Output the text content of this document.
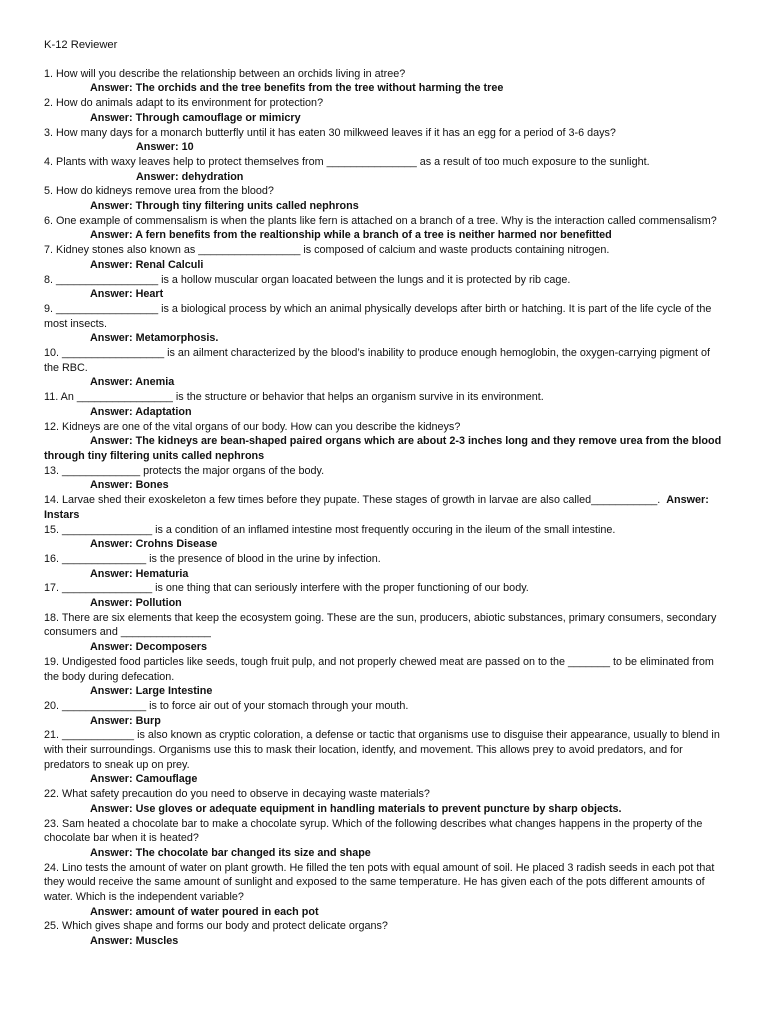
K-12 Reviewer
1. How will you describe the relationship between an orchids living in atree?
Answer: The orchids and the tree benefits from the tree without harming the tree
2. How do animals adapt to its environment for protection?
Answer: Through camouflage or mimicry
3. How many days for a monarch butterfly until it has eaten 30 milkweed leaves if it has an egg for a period of 3-6 days?
Answer: 10
4. Plants with waxy leaves help to protect themselves from _______________ as a result of too much exposure to the sunlight.
Answer: dehydration
5. How do kidneys remove urea from the blood?
Answer: Through tiny filtering units called nephrons
6. One example of commensalism is when the plants like fern is attached on a branch of a tree. Why is the interaction called commensalism?
Answer: A fern benefits from the realtionship while a branch of a tree is neither harmed nor benefitted
7. Kidney stones also known as _________________ is composed of calcium and waste products containing nitrogen.
Answer: Renal Calculi
8. _________________ is a hollow muscular organ loacated between the lungs and it is protected by rib cage.
Answer: Heart
9. _________________ is a biological process by which an animal physically develops after birth or hatching. It is part of the life cycle of the most insects.
Answer: Metamorphosis.
10. _________________ is an ailment characterized by the blood’s inability to produce enough hemoglobin, the oxygen-carrying pigment of the RBC.
Answer: Anemia
11. An ________________ is the structure or behavior that helps an organism survive in its environment.
Answer: Adaptation
12. Kidneys are one of the vital organs of our body. How can you describe the kidneys?
Answer: The kidneys are bean-shaped paired organs which are about 2-3 inches long and they remove urea from the blood through tiny filtering units called nephrons
13. _____________ protects the major organs of the body.
Answer: Bones
14. Larvae shed their exoskeleton a few times before they pupate. These stages of growth in larvae are also called___________. Answer: Instars
15. _______________ is a condition of an inflamed intestine most frequently occuring in the ileum of the small intestine.
Answer: Crohns Disease
16. ______________ is the presence of blood in the urine by infection.
Answer: Hematuria
17. _______________ is one thing that can seriously interfere with the proper functioning of our body.
Answer: Pollution
18. There are six elements that keep the ecosystem going. These are the sun, producers, abiotic substances, primary consumers, secondary consumers and _______________
Answer: Decomposers
19. Undigested food particles like seeds, tough fruit pulp, and not properly chewed meat are passed on to the _______ to be eliminated from the body during defecation.
Answer: Large Intestine
20. ______________ is to force air out of your stomach through your mouth.
Answer: Burp
21. ____________ is also known as cryptic coloration, a defense or tactic that organisms use to disguise their appearance, usually to blend in with their surroundings. Organisms use this to mask their location, identfy, and movement. This allows prey to avoid predators, and for predators to sneak up on prey.
Answer: Camouflage
22. What safety precaution do you need to observe in decaying waste materials?
Answer: Use gloves or adequate equipment in handling materials to prevent puncture by sharp objects.
23. Sam heated a chocolate bar to make a chocolate syrup. Which of the following describes what changes happens in the property of the chocolate bar when it is heated?
Answer: The chocolate bar changed its size and shape
24. Lino tests the amount of water on plant growth. He filled the ten pots with equal amount of soil. He placed 3 radish seeds in each pot that they would receive the same amount of sunlight and exposed to the same temperature. He has given each of the pots different amounts of water. Which is the independent variable?
Answer: amount of water poured in each pot
25. Which gives shape and forms our body and protect delicate organs?
Answer: Muscles
